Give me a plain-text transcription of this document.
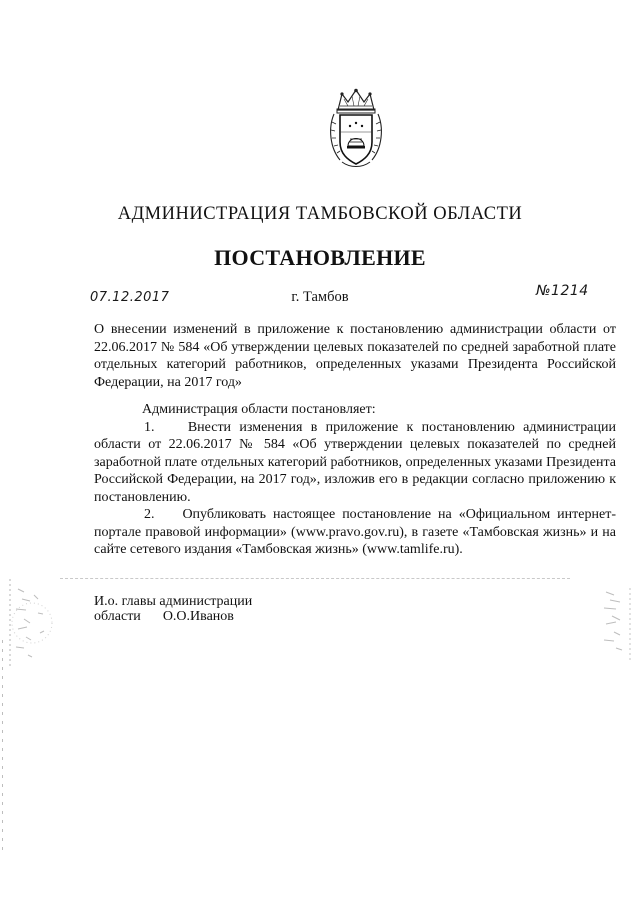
АДМИНИСТРАЦИЯ ТАМБОВСКОЙ ОБЛАСТИ
ПОСТАНОВЛЕНИЕ
07.12.2017	г. Тамбов	№1214
О внесении изменений в приложение к постановлению администрации области от 22.06.2017 № 584 «Об утверждении целевых показателей по средней заработной плате отдельных категорий работников, определенных указами Президента Российской Федерации, на 2017 год»

Администрация области постановляет:

1.    Внести изменения в приложение к постановлению администрации области от 22.06.2017 № 584 «Об утверждении целевых показателей по средней заработной плате отдельных категорий работников, определенных указами Президента Российской Федерации, на 2017 год», изложив его в редакции согласно приложению к постановлению.

2.    Опубликовать настоящее постановление на «Официальном интернет-портале правовой информации» (www.pravo.gov.ru), в газете «Тамбовская жизнь» и на сайте сетевого издания «Тамбовская жизнь» (www.tamlife.ru).

И.о. главы администрации
области О.О.Иванов
